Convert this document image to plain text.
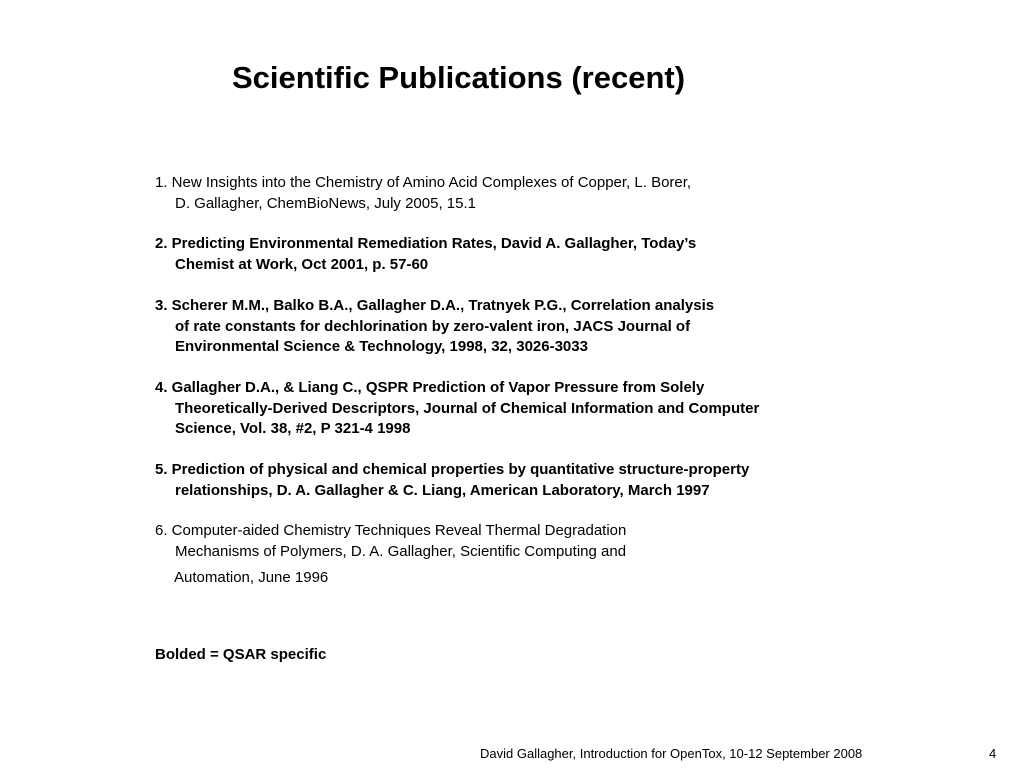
Scientific Publications (recent)
1. New Insights into the Chemistry of Amino Acid Complexes of Copper, L. Borer,
D. Gallagher, ChemBioNews, July 2005, 15.1
2. Predicting Environmental Remediation Rates, David A. Gallagher, Today’s
Chemist at Work, Oct 2001, p. 57-60
3. Scherer M.M., Balko B.A., Gallagher D.A., Tratnyek P.G., Correlation analysis
of rate constants for dechlorination by zero-valent iron, JACS Journal of
Environmental Science & Technology, 1998, 32, 3026-3033
4. Gallagher D.A., & Liang C., QSPR Prediction of Vapor Pressure from Solely
Theoretically-Derived Descriptors, Journal of Chemical Information and Computer
Science, Vol. 38, #2, P 321-4 1998
5. Prediction of physical and chemical properties by quantitative structure-property
relationships, D. A. Gallagher & C. Liang, American Laboratory, March 1997
6. Computer-aided Chemistry Techniques Reveal Thermal Degradation
Mechanisms of Polymers, D. A. Gallagher, Scientific Computing and
Automation, June 1996
Bolded = QSAR specific
David Gallagher, Introduction for OpenTox, 10-12 September 2008	4
